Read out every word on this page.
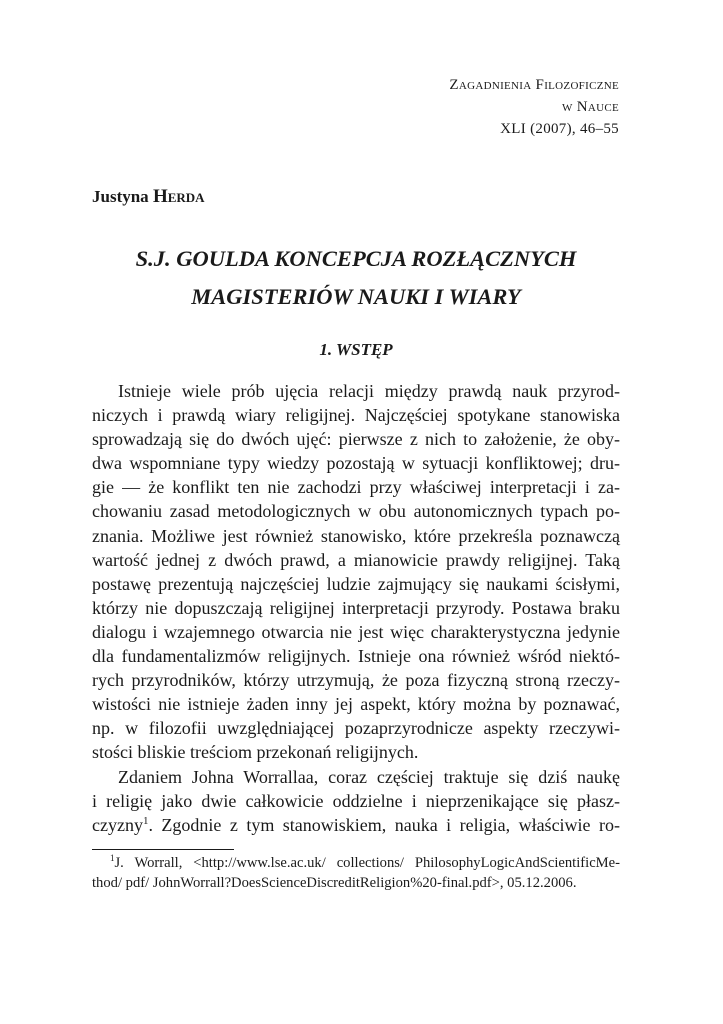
Zagadnienia Filozoficzne
w Nauce
XLI (2007), 46–55
Justyna Herda
S.J. GOULDA KONCEPCJA ROZŁĄCZNYCH
MAGISTERIÓW NAUKI I WIARY
1. WSTĘP
Istnieje wiele prób ujęcia relacji między prawdą nauk przyrod-
niczych i prawdą wiary religijnej. Najczęściej spotykane stanowiska
sprowadzają się do dwóch ujęć: pierwsze z nich to założenie, że oby-
dwa wspomniane typy wiedzy pozostają w sytuacji konfliktowej; dru-
gie — że konflikt ten nie zachodzi przy właściwej interpretacji i za-
chowaniu zasad metodologicznych w obu autonomicznych typach po-
znania. Możliwe jest również stanowisko, które przekreśla poznawczą
wartość jednej z dwóch prawd, a mianowicie prawdy religijnej. Taką
postawę prezentują najczęściej ludzie zajmujący się naukami ścisłymi,
którzy nie dopuszczają religijnej interpretacji przyrody. Postawa braku
dialogu i wzajemnego otwarcia nie jest więc charakterystyczna jedynie
dla fundamentalizmów religijnych. Istnieje ona również wśród niektó-
rych przyrodników, którzy utrzymują, że poza fizyczną stroną rzeczy-
wistości nie istnieje żaden inny jej aspekt, który można by poznawać,
np. w filozofii uwzględniającej pozaprzyrodnicze aspekty rzeczywi-
stości bliskie treściom przekonań religijnych.
Zdaniem Johna Worrallaa, coraz częściej traktuje się dziś naukę
i religię jako dwie całkowicie oddzielne i nieprzenikające się płasz-
czyzny$^1$. Zgodnie z tym stanowiskiem, nauka i religia, właściwie ro-
$^1$J. Worrall, <http://www.lse.ac.uk/ collections/ PhilosophyLogicAndScientificMe-
thod/ pdf/ JohnWorrall?DoesScienceDiscreditReligion%20-final.pdf>, 05.12.2006.
